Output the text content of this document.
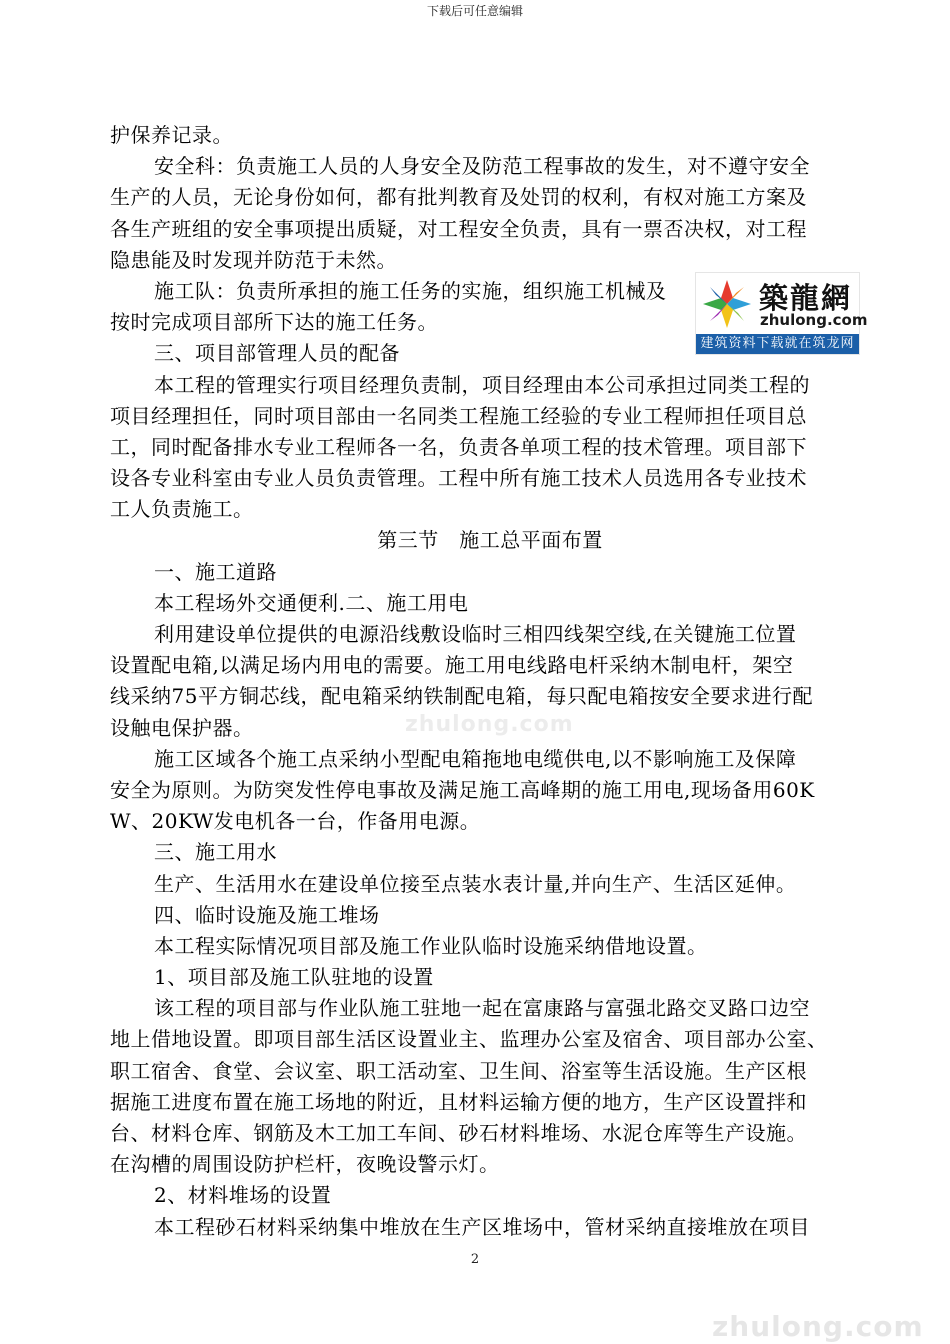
下载后可任意编辑
护保养记录。
安全科：负责施工人员的人身安全及防范工程事故的发生，对不遵守安全
生产的人员，无论身份如何，都有批判教育及处罚的权利，有权对施工方案及
各生产班组的安全事项提出质疑，对工程安全负责，具有一票否决权，对工程
隐患能及时发现并防范于未然。
施工队：负责所承担的施工任务的实施，组织施工机械及
按时完成项目部所下达的施工任务。
三、项目部管理人员的配备
本工程的管理实行项目经理负责制，项目经理由本公司承担过同类工程的
项目经理担任，同时项目部由一名同类工程施工经验的专业工程师担任项目总
工，同时配备排水专业工程师各一名，负责各单项工程的技术管理。项目部下
设各专业科室由专业人员负责管理。工程中所有施工技术人员选用各专业技术
工人负责施工。
第三节　施工总平面布置
一、施工道路
本工程场外交通便利.二、施工用电
利用建设单位提供的电源沿线敷设临时三相四线架空线,在关键施工位置
设置配电箱,以满足场内用电的需要。施工用电线路电杆采纳木制电杆，架空
线采纳75平方铜芯线，配电箱采纳铁制配电箱，每只配电箱按安全要求进行配
设触电保护器。
施工区域各个施工点采纳小型配电箱拖地电缆供电,以不影响施工及保障
安全为原则。为防突发性停电事故及满足施工高峰期的施工用电,现场备用60K
W、20KW发电机各一台，作备用电源。
三、施工用水
生产、生活用水在建设单位接至点装水表计量,并向生产、生活区延伸。
四、临时设施及施工堆场
本工程实际情况项目部及施工作业队临时设施采纳借地设置。
1、项目部及施工队驻地的设置
该工程的项目部与作业队施工驻地一起在富康路与富强北路交叉路口边空
地上借地设置。即项目部生活区设置业主、监理办公室及宿舍、项目部办公室、
职工宿舍、食堂、会议室、职工活动室、卫生间、浴室等生活设施。生产区根
据施工进度布置在施工场地的附近，且材料运输方便的地方，生产区设置拌和
台、材料仓库、钢筋及木工加工车间、砂石材料堆场、水泥仓库等生产设施。
在沟槽的周围设防护栏杆，夜晚设警示灯。
2、材料堆场的设置
本工程砂石材料采纳集中堆放在生产区堆场中，管材采纳直接堆放在项目
zhulong.com
zhulong.com
築龍網
zhulong.com
建筑资料下载就在筑龙网
2
